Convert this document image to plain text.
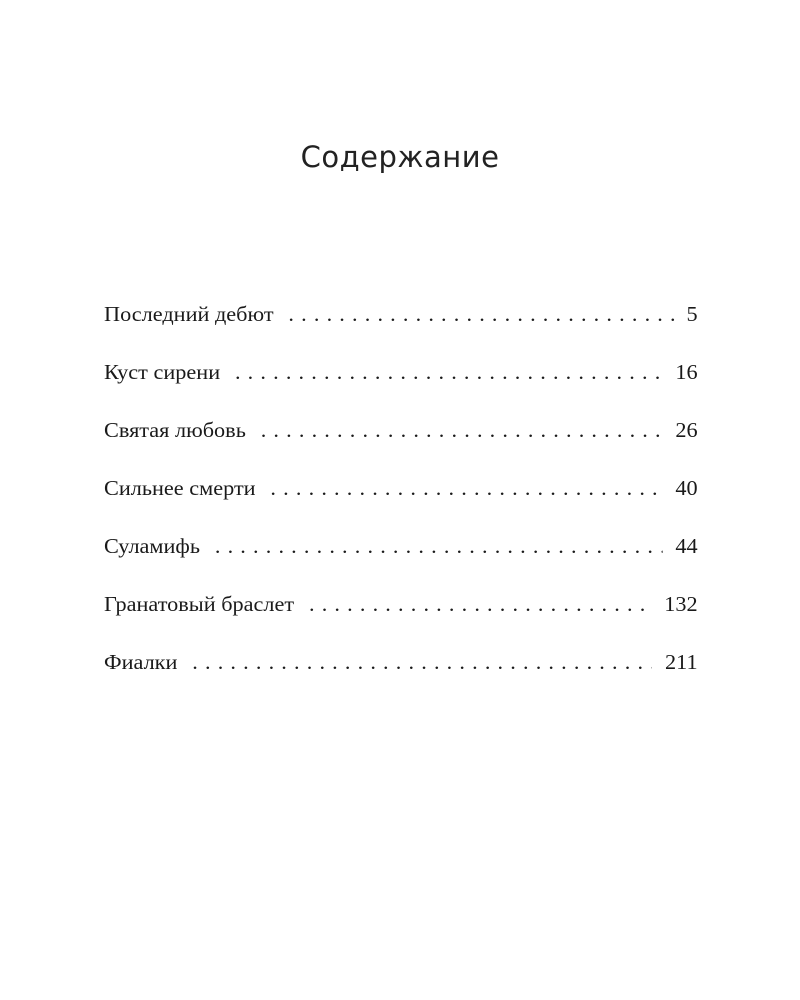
Содержание
Последний дебют . . .	5
Куст сирени . . .	16
Святая любовь . . .	26
Сильнее смерти . . .	40
Суламифь . . .	44
Гранатовый браслет . . .	132
Фиалки . . .	211
